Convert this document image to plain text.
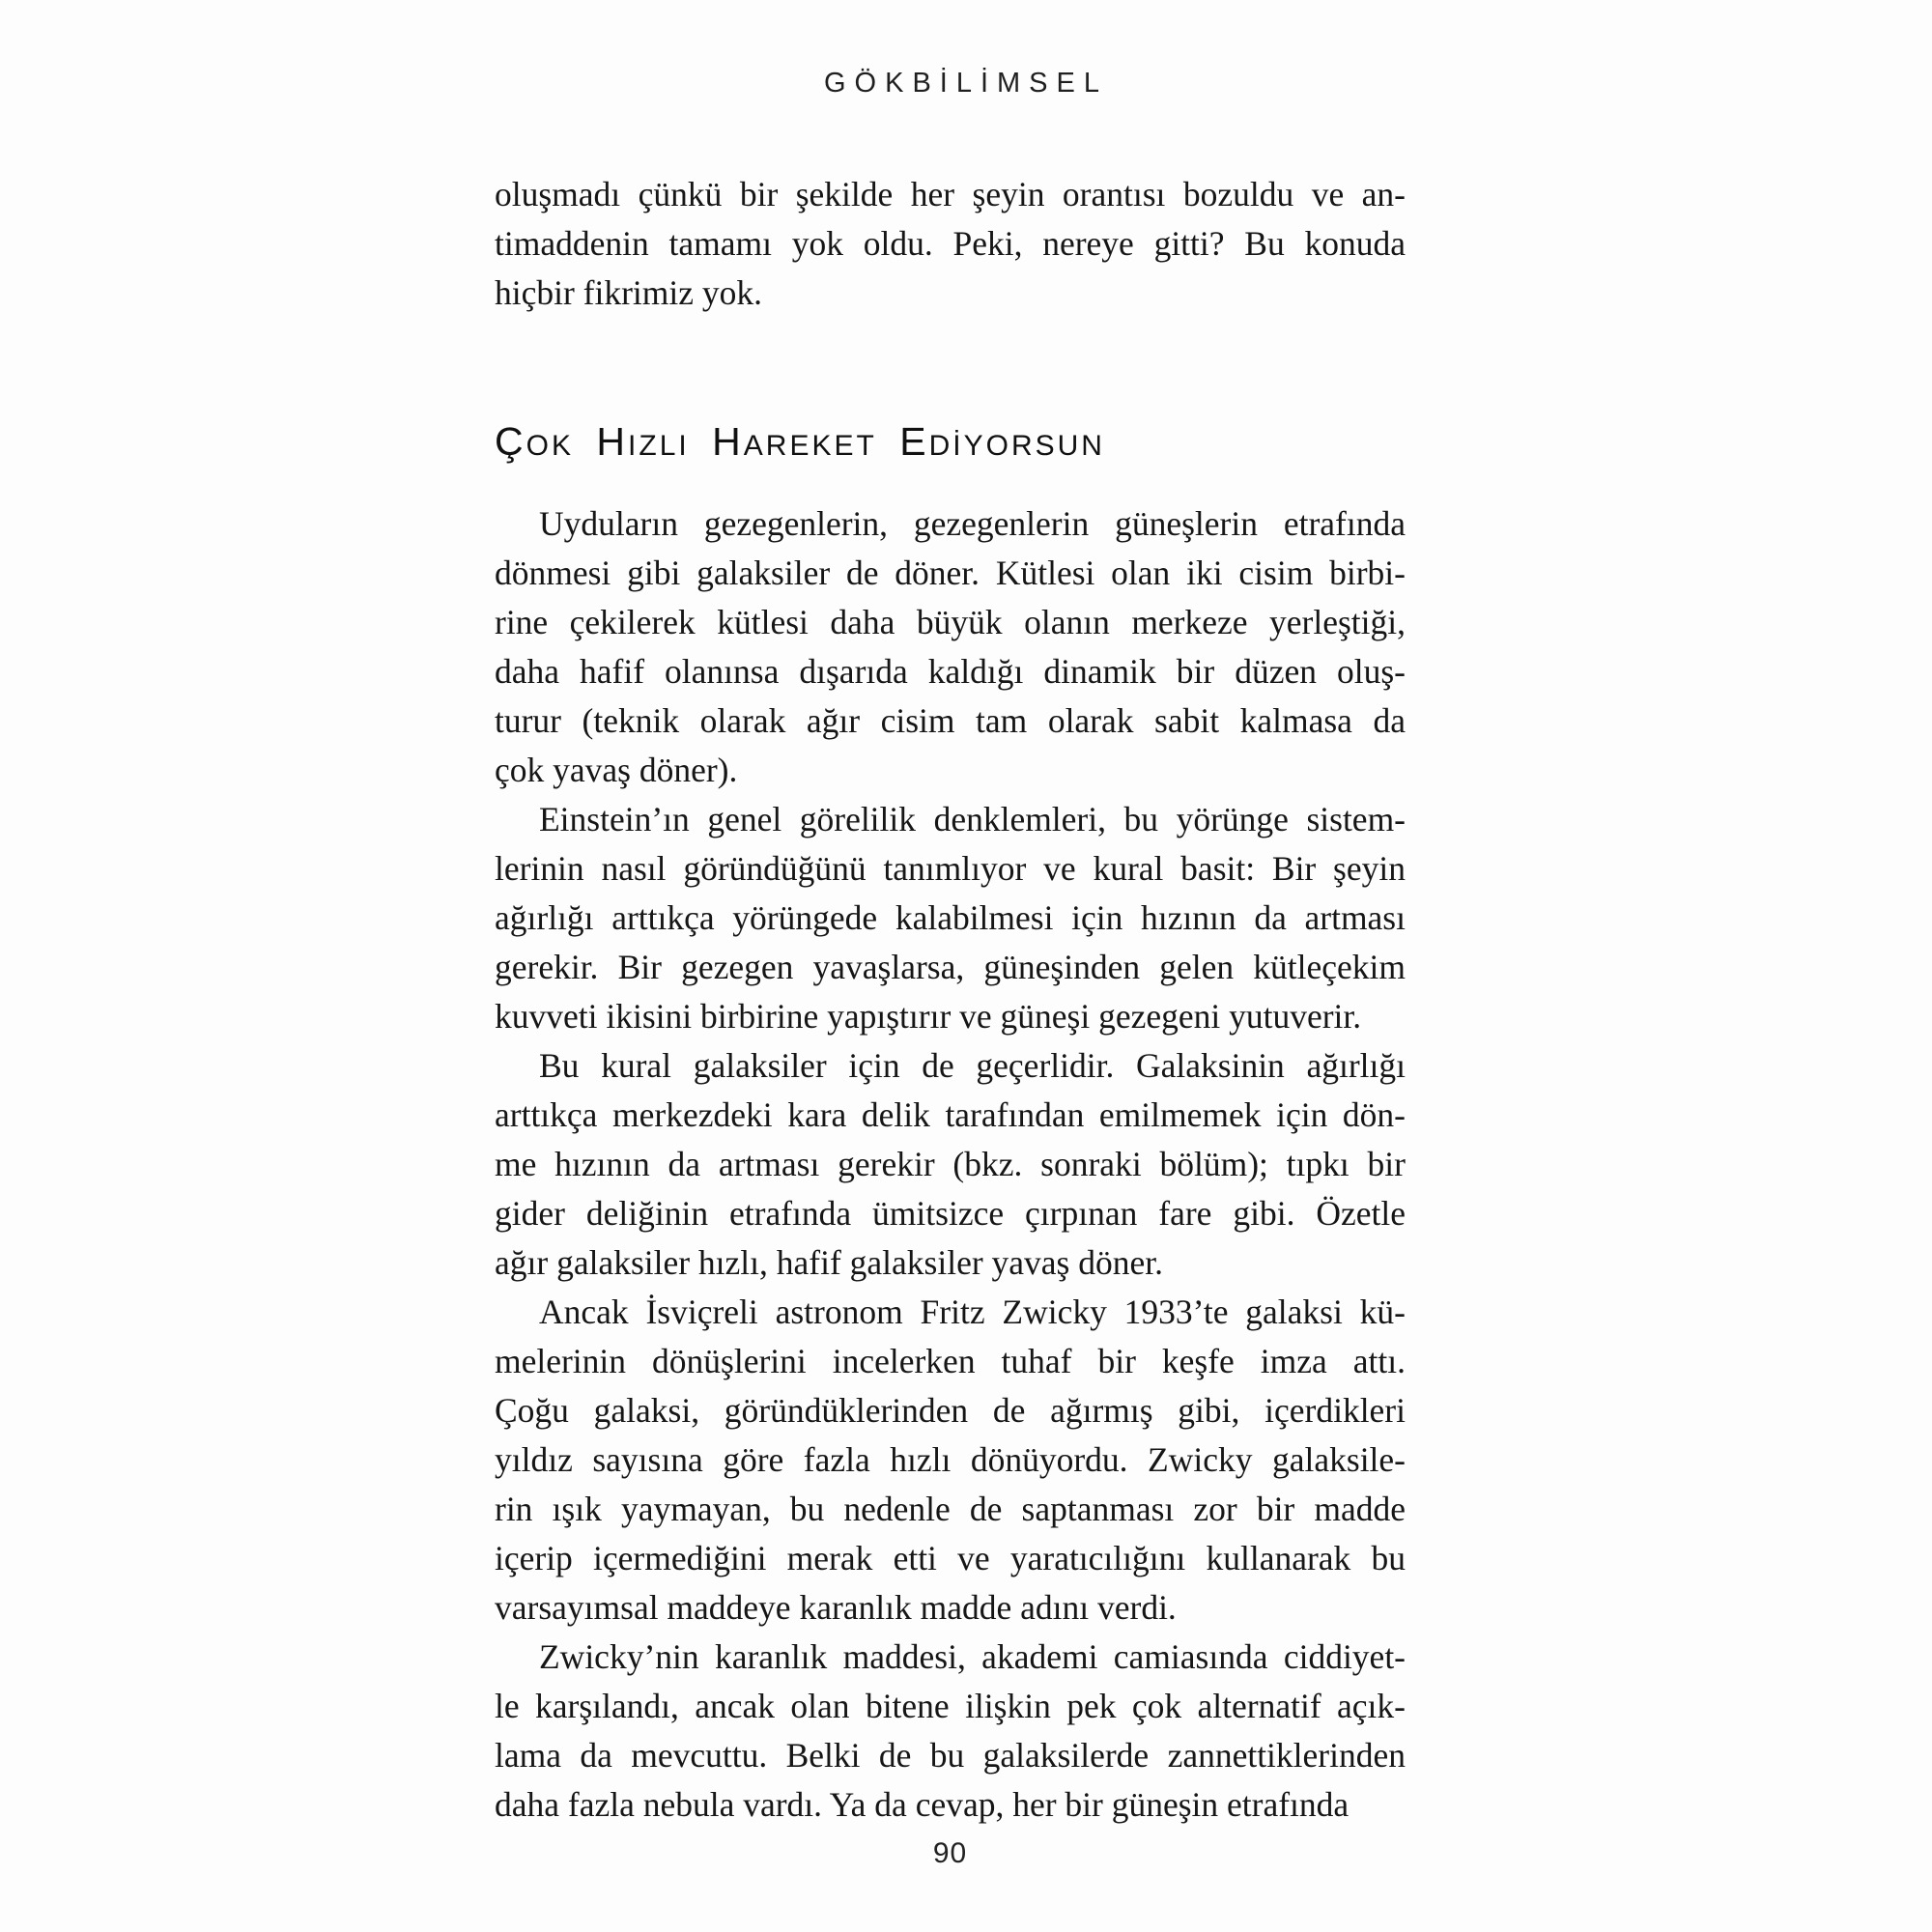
GÖKBİLİMSEL
oluşmadı çünkü bir şekilde her şeyin orantısı bozuldu ve an-
timaddenin tamamı yok oldu. Peki, nereye gitti? Bu konuda
hiçbir fikrimiz yok.
ÇOK HIZLI HAREKET EDİYORSUN
Uyduların gezegenlerin, gezegenlerin güneşlerin etrafında
dönmesi gibi galaksiler de döner. Kütlesi olan iki cisim birbi-
rine çekilerek kütlesi daha büyük olanın merkeze yerleştiği,
daha hafif olanınsa dışarıda kaldığı dinamik bir düzen oluş-
turur (teknik olarak ağır cisim tam olarak sabit kalmasa da
çok yavaş döner).
Einstein’ın genel görelilik denklemleri, bu yörünge sistem-
lerinin nasıl göründüğünü tanımlıyor ve kural basit: Bir şeyin
ağırlığı arttıkça yörüngede kalabilmesi için hızının da artması
gerekir. Bir gezegen yavaşlarsa, güneşinden gelen kütleçekim
kuvveti ikisini birbirine yapıştırır ve güneşi gezegeni yutuverir.
Bu kural galaksiler için de geçerlidir. Galaksinin ağırlığı
arttıkça merkezdeki kara delik tarafından emilmemek için dön-
me hızının da artması gerekir (bkz. sonraki bölüm); tıpkı bir
gider deliğinin etrafında ümitsizce çırpınan fare gibi. Özetle
ağır galaksiler hızlı, hafif galaksiler yavaş döner.
Ancak İsviçreli astronom Fritz Zwicky 1933’te galaksi kü-
melerinin dönüşlerini incelerken tuhaf bir keşfe imza attı.
Çoğu galaksi, göründüklerinden de ağırmış gibi, içerdikleri
yıldız sayısına göre fazla hızlı dönüyordu. Zwicky galaksile-
rin ışık yaymayan, bu nedenle de saptanması zor bir madde
içerip içermediğini merak etti ve yaratıcılığını kullanarak bu
varsayımsal maddeye karanlık madde adını verdi.
Zwicky’nin karanlık maddesi, akademi camiasında ciddiyet-
le karşılandı, ancak olan bitene ilişkin pek çok alternatif açık-
lama da mevcuttu. Belki de bu galaksilerde zannettiklerinden
daha fazla nebula vardı. Ya da cevap, her bir güneşin etrafında
90
